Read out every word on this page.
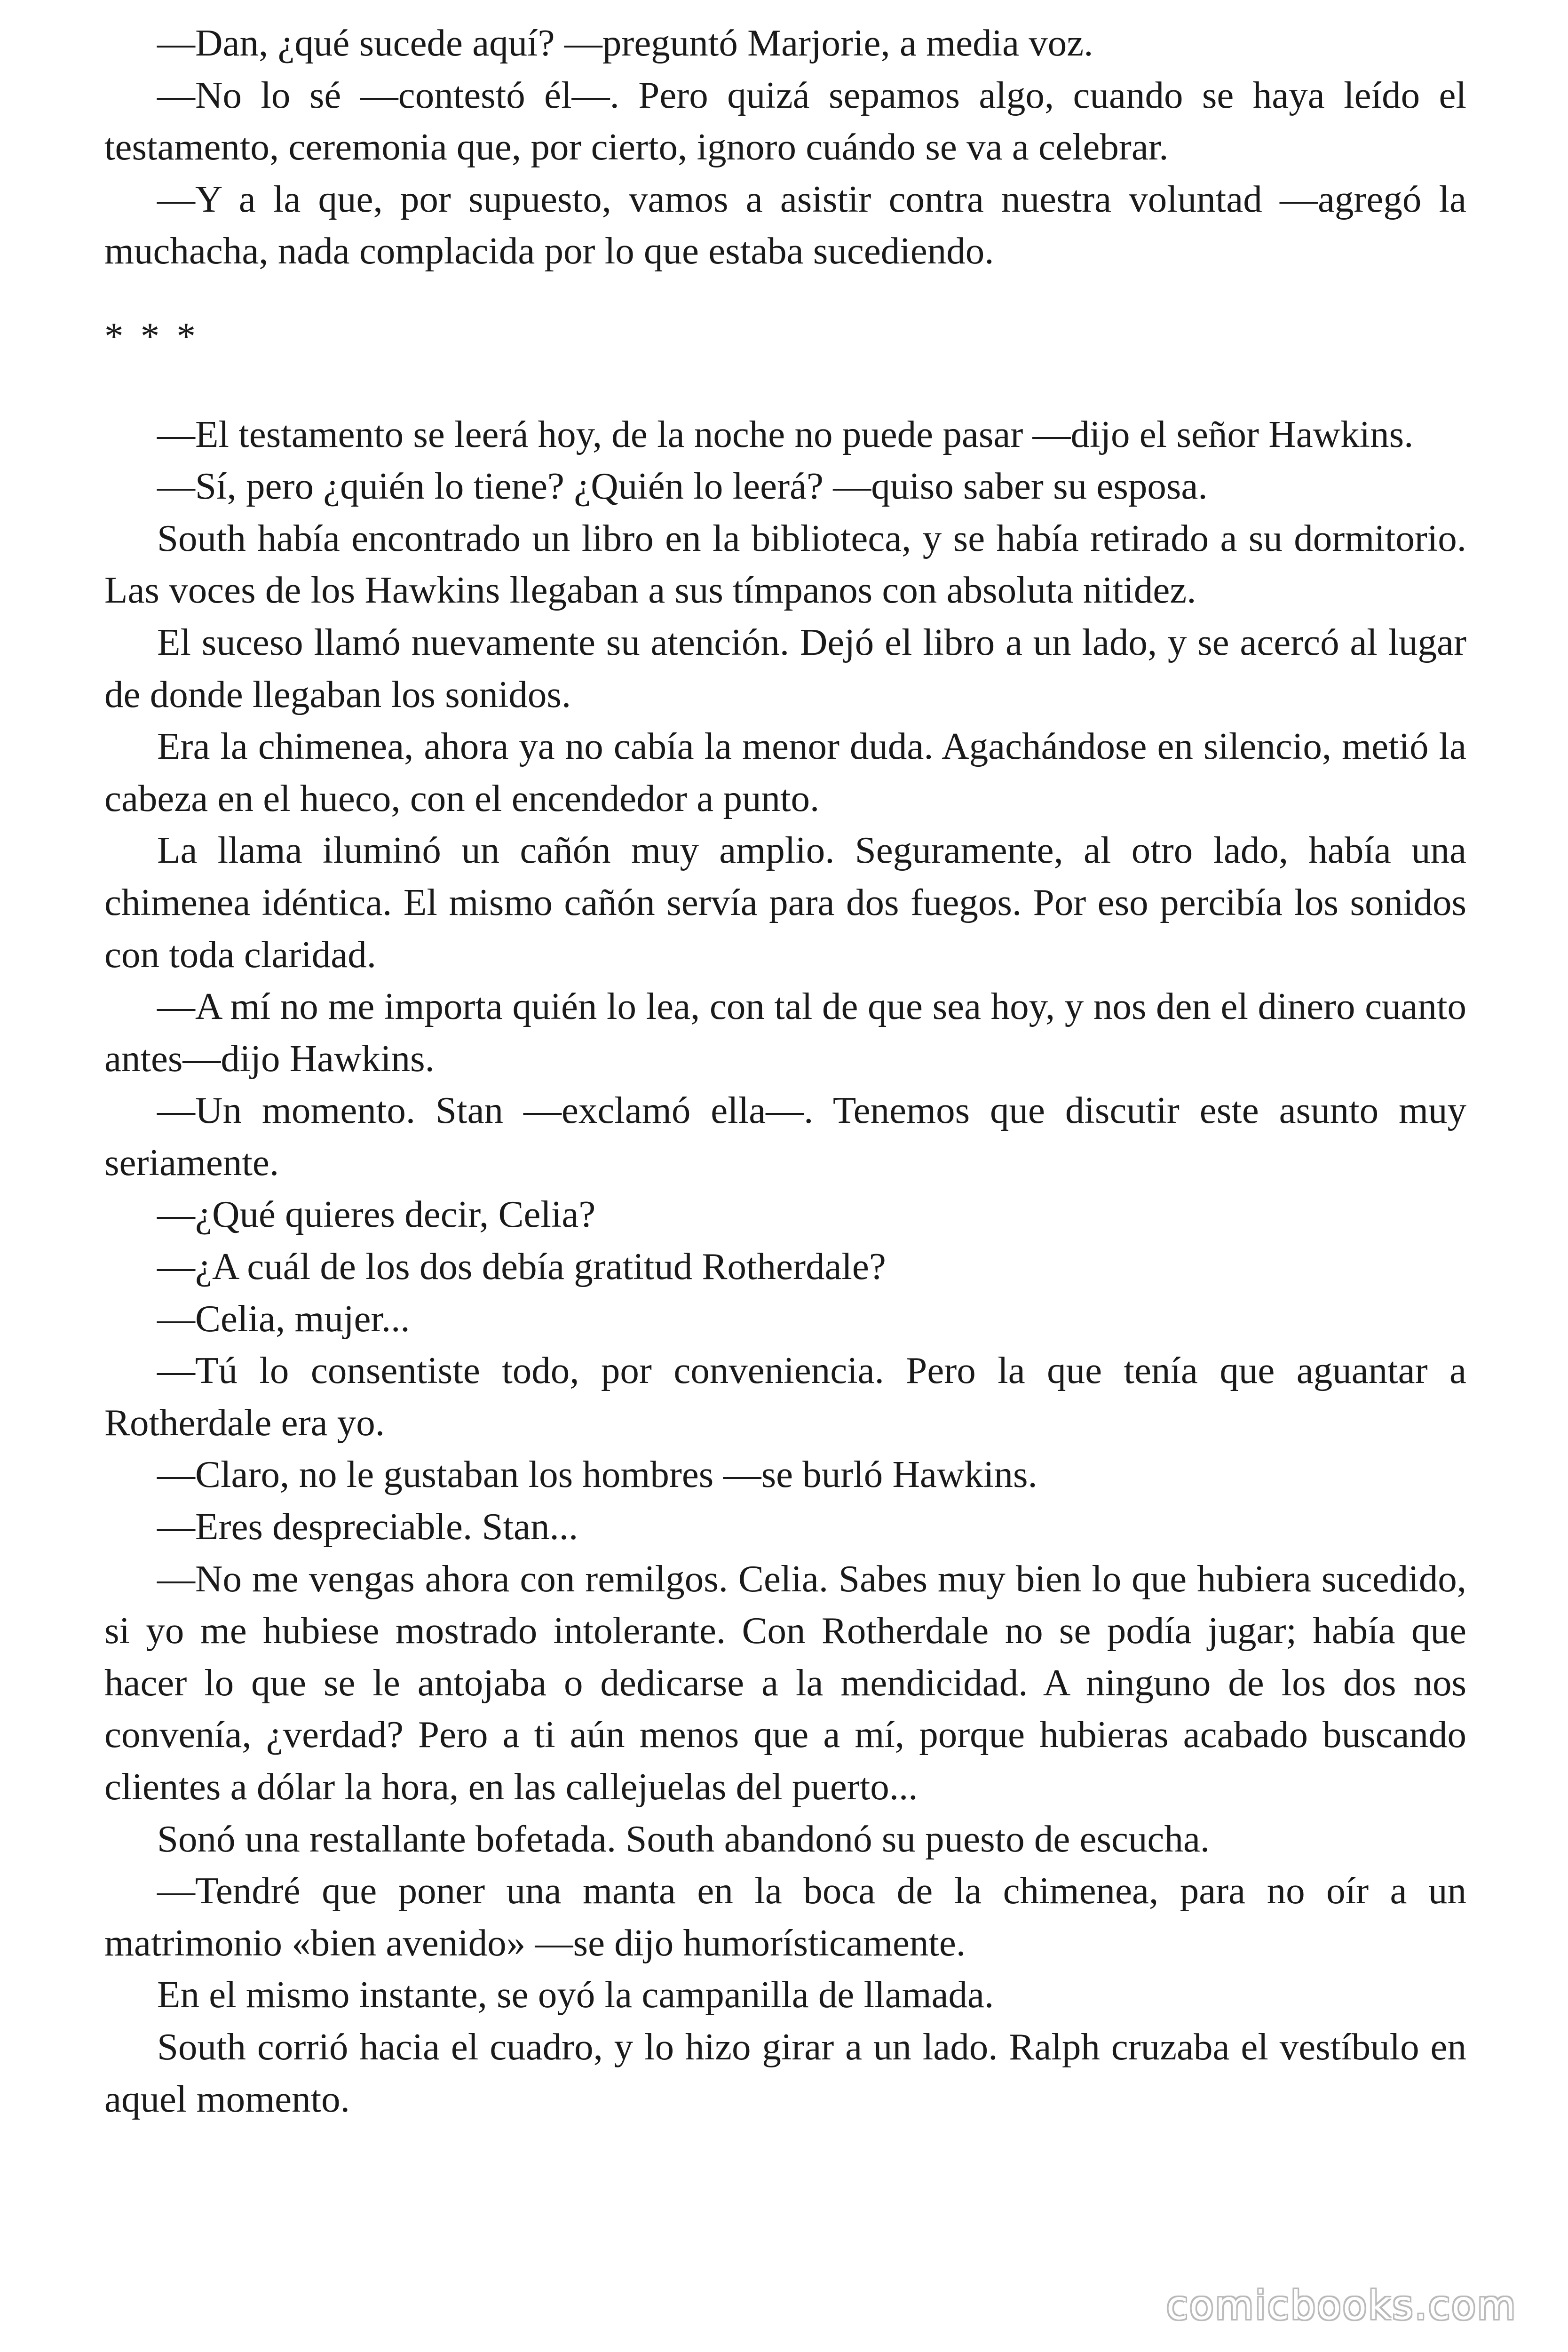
—Dan, ¿qué sucede aquí? —preguntó Marjorie, a media voz.

—No lo sé —contestó él—. Pero quizá sepamos algo, cuando se haya leído el testamento, ceremonia que, por cierto, ignoro cuándo se va a celebrar.

—Y a la que, por supuesto, vamos a asistir contra nuestra voluntad —agregó la muchacha, nada complacida por lo que estaba sucediendo.

* * *

—El testamento se leerá hoy, de la noche no puede pasar —dijo el señor Hawkins.

—Sí, pero ¿quién lo tiene? ¿Quién lo leerá? —quiso saber su esposa.

South había encontrado un libro en la biblioteca, y se había retirado a su dormitorio. Las voces de los Hawkins llegaban a sus tímpanos con absoluta nitidez.

El suceso llamó nuevamente su atención. Dejó el libro a un lado, y se acercó al lugar de donde llegaban los sonidos.

Era la chimenea, ahora ya no cabía la menor duda. Agachándose en silencio, metió la cabeza en el hueco, con el encendedor a punto.

La llama iluminó un cañón muy amplio. Seguramente, al otro lado, había una chimenea idéntica. El mismo cañón servía para dos fuegos. Por eso percibía los sonidos con toda claridad.

—A mí no me importa quién lo lea, con tal de que sea hoy, y nos den el dinero cuanto antes—dijo Hawkins.

—Un momento. Stan —exclamó ella—. Tenemos que discutir este asunto muy seriamente.

—¿Qué quieres decir, Celia?

—¿A cuál de los dos debía gratitud Rotherdale?

—Celia, mujer...

—Tú lo consentiste todo, por conveniencia. Pero la que tenía que aguantar a Rotherdale era yo.

—Claro, no le gustaban los hombres —se burló Hawkins.

—Eres despreciable. Stan...

—No me vengas ahora con remilgos. Celia. Sabes muy bien lo que hubiera sucedido, si yo me hubiese mostrado intolerante. Con Rotherdale no se podía jugar; había que hacer lo que se le antojaba o dedicarse a la mendicidad. A ninguno de los dos nos convenía, ¿verdad? Pero a ti aún menos que a mí, porque hubieras acabado buscando clientes a dólar la hora, en las callejuelas del puerto...

Sonó una restallante bofetada. South abandonó su puesto de escucha.

—Tendré que poner una manta en la boca de la chimenea, para no oír a un matrimonio «bien avenido» —se dijo humorísticamente.

En el mismo instante, se oyó la campanilla de llamada.

South corrió hacia el cuadro, y lo hizo girar a un lado. Ralph cruzaba el vestíbulo en aquel momento.

comicbooks.com
